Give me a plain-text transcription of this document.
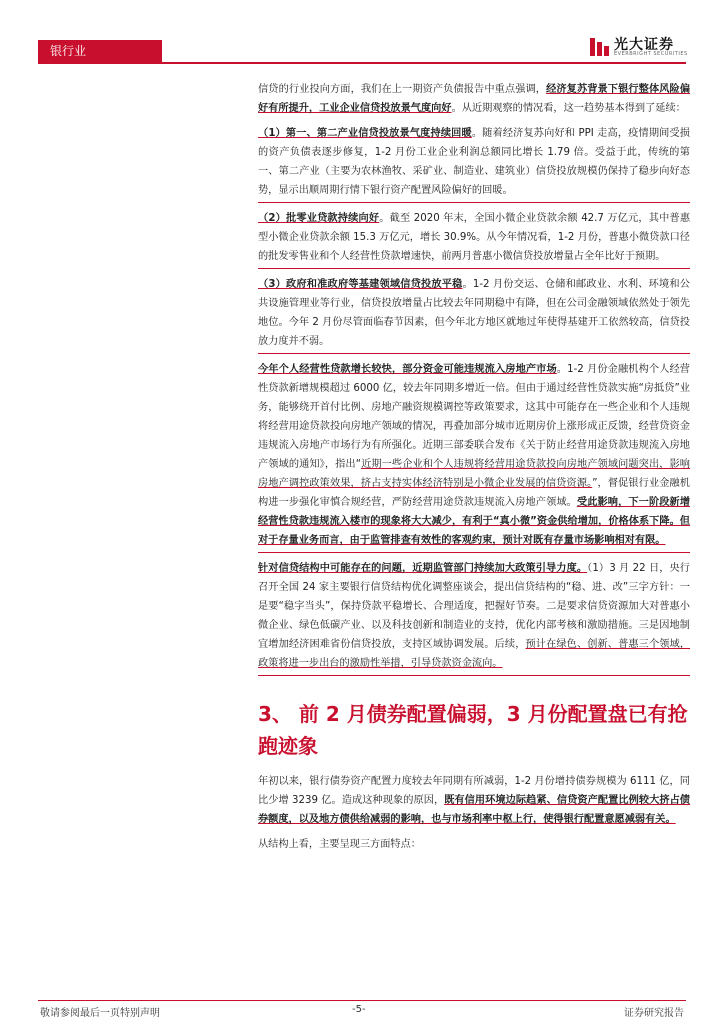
银行业	光大证券
EVERBRIGHT SECURITIES

信贷的行业投向方面，我们在上一期资产负债报告中重点强调，经济复苏背景下银行整体风险偏好有所提升，工业企业信贷投放景气度向好。从近期观察的情况看，这一趋势基本得到了延续：

（1）第一、第二产业信贷投放景气度持续回暖。随着经济复苏向好和 PPI 走高，疫情期间受损的资产负债表逐步修复，1-2 月份工业企业利润总额同比增长 1.79 倍。受益于此，传统的第一、第二产业（主要为农林渔牧、采矿业、制造业、建筑业）信贷投放规模仍保持了稳步向好态势，显示出顺周期行情下银行资产配置风险偏好的回暖。

（2）批零业贷款持续向好。截至 2020 年末，全国小微企业贷款余额 42.7 万亿元，其中普惠型小微企业贷款余额 15.3 万亿元，增长 30.9%。从今年情况看，1-2 月份，普惠小微贷款口径的批发零售业和个人经营性贷款增速快，前两月普惠小微信贷投放增量占全年比好于预期。

（3）政府和准政府等基建领域信贷投放平稳。1-2 月份交运、仓储和邮政业、水利、环境和公共设施管理业等行业，信贷投放增量占比较去年同期稳中有降，但在公司金融领域依然处于领先地位。今年 2 月份尽管面临春节因素，但今年北方地区就地过年使得基建开工依然较高，信贷投放力度并不弱。

今年个人经营性贷款增长较快，部分资金可能违规流入房地产市场。1-2 月份金融机构个人经营性贷款新增规模超过 6000 亿，较去年同期多增近一倍。但由于通过经营性贷款实施“房抵贷”业务，能够绕开首付比例、房地产融资规模调控等政策要求，这其中可能存在一些企业和个人违规将经营用途贷款投向房地产领域的情况，再叠加部分城市近期房价上涨形成正反馈，经营贷资金违规流入房地产市场行为有所强化。近期三部委联合发布《关于防止经营用途贷款违规流入房地产领域的通知》，指出“近期一些企业和个人违规将经营用途贷款投向房地产领域问题突出，影响房地产调控政策效果，挤占支持实体经济特别是小微企业发展的信贷资源。”，督促银行业金融机构进一步强化审慎合规经营，严防经营用途贷款违规流入房地产领域。受此影响，下一阶段新增经营性贷款违规流入楼市的现象将大大减少，有利于“真小微”资金供给增加，价格体系下降。但对于存量业务而言，由于监管排查有效性的客观约束，预计对既有存量市场影响相对有限。

针对信贷结构中可能存在的问题，近期监管部门持续加大政策引导力度。（1）3 月 22 日，央行召开全国 24 家主要银行信贷结构优化调整座谈会，提出信贷结构的“稳、进、改”三字方针：一是要“稳字当头”，保持贷款平稳增长、合理适度，把握好节奏。二是要求信贷资源加大对普惠小微企业、绿色低碳产业、以及科技创新和制造业的支持，优化内部考核和激励措施。三是因地制宜增加经济困难省份信贷投放，支持区域协调发展。后续，预计在绿色、创新、普惠三个领域，政策将进一步出台的激励性举措，引导贷款资金流向。

3、 前 2 月债券配置偏弱，3 月份配置盘已有抢跑迹象

年初以来，银行债券资产配置力度较去年同期有所减弱，1-2 月份增持债券规模为 6111 亿，同比少增 3239 亿。造成这种现象的原因，既有信用环境边际趋紧、信贷资产配置比例较大挤占债券额度，以及地方债供给减弱的影响，也与市场利率中枢上行，使得银行配置意愿减弱有关。

从结构上看，主要呈现三方面特点：

敬请参阅最后一页特别声明	-5-	证券研究报告
